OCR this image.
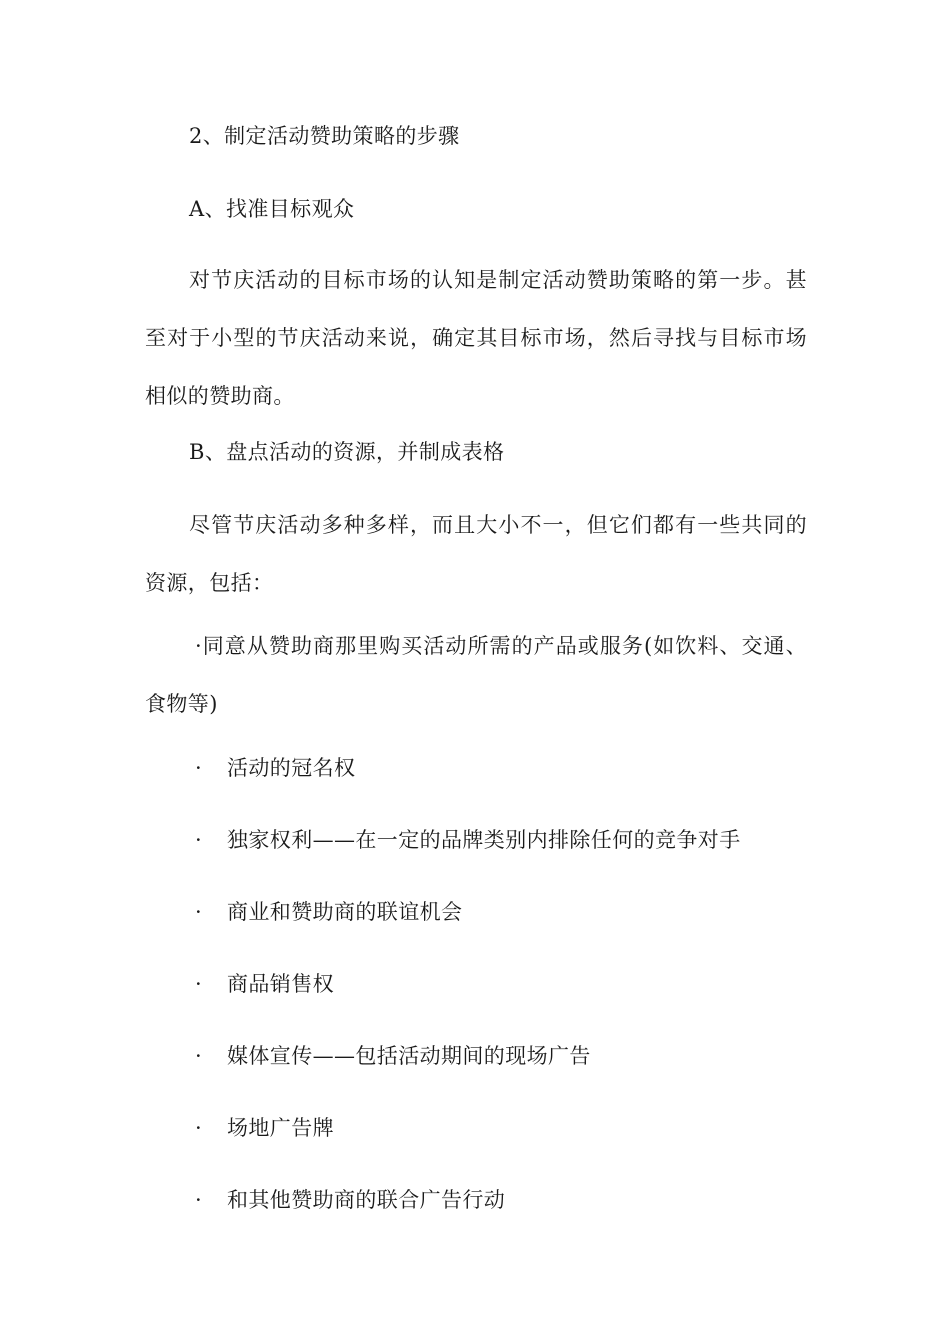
2、制定活动赞助策略的步骤
A、找准目标观众
对节庆活动的目标市场的认知是制定活动赞助策略的第一步。甚至对于小型的节庆活动来说，确定其目标市场，然后寻找与目标市场相似的赞助商。
B、盘点活动的资源，并制成表格
尽管节庆活动多种多样，而且大小不一，但它们都有一些共同的资源，包括：
·同意从赞助商那里购买活动所需的产品或服务(如饮料、交通、食物等)
· 活动的冠名权
· 独家权利——在一定的品牌类别内排除任何的竞争对手
· 商业和赞助商的联谊机会
· 商品销售权
· 媒体宣传——包括活动期间的现场广告
· 场地广告牌
· 和其他赞助商的联合广告行动
